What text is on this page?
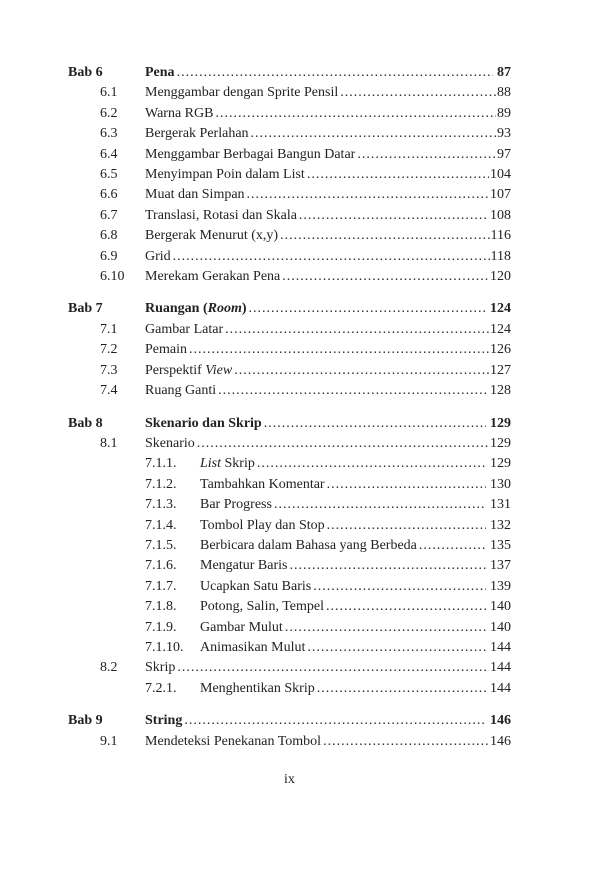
Bab 6	Pena .....	87
6.1	Menggambar dengan Sprite Pensil .....	88
6.2	Warna RGB .....	89
6.3	Bergerak Perlahan .....	93
6.4	Menggambar Berbagai Bangun Datar .....	97
6.5	Menyimpan Poin dalam List .....	104
6.6	Muat dan Simpan .....	107
6.7	Translasi, Rotasi dan Skala .....	108
6.8	Bergerak Menurut (x,y) .....	116
6.9	Grid .....	118
6.10	Merekam Gerakan Pena .....	120
Bab 7	Ruangan (Room) .....	124
7.1	Gambar Latar .....	124
7.2	Pemain .....	126
7.3	Perspektif View .....	127
7.4	Ruang Ganti .....	128
Bab 8	Skenario dan Skrip .....	129
8.1	Skenario .....	129
7.1.1.	List Skrip .....	129
7.1.2.	Tambahkan Komentar .....	130
7.1.3.	Bar Progress .....	131
7.1.4.	Tombol Play dan Stop .....	132
7.1.5.	Berbicara dalam Bahasa yang Berbeda .....	135
7.1.6.	Mengatur Baris .....	137
7.1.7.	Ucapkan Satu Baris .....	139
7.1.8.	Potong, Salin, Tempel .....	140
7.1.9.	Gambar Mulut .....	140
7.1.10.	Animasikan Mulut .....	144
8.2	Skrip .....	144
7.2.1.	Menghentikan Skrip .....	144
Bab 9	String .....	146
9.1	Mendeteksi Penekanan Tombol .....	146
ix
